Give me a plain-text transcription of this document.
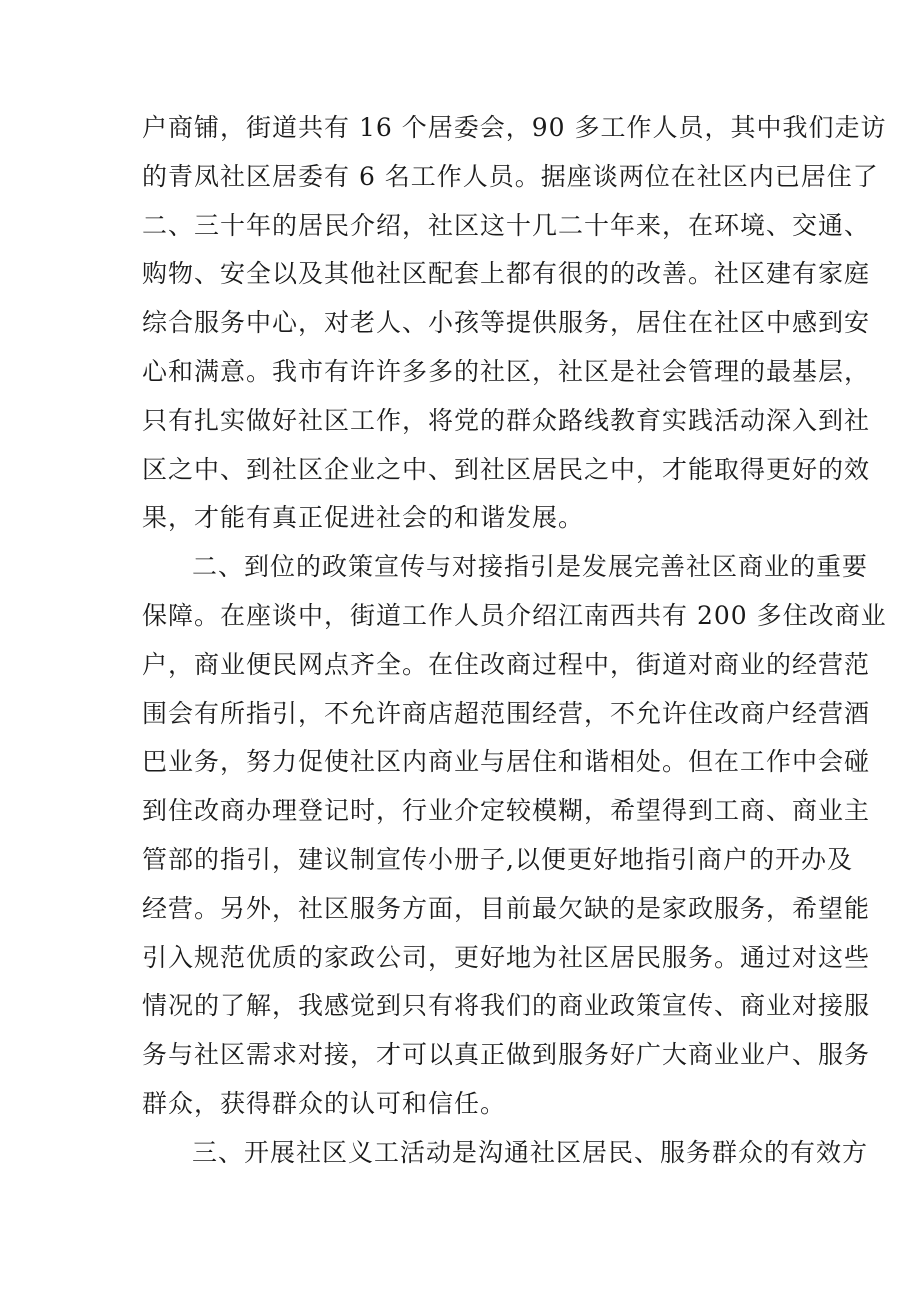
户商铺，街道共有 16 个居委会，90 多工作人员，其中我们走访
的青凤社区居委有 6 名工作人员。据座谈两位在社区内已居住了
二、三十年的居民介绍，社区这十几二十年来，在环境、交通、
购物、安全以及其他社区配套上都有很的的改善。社区建有家庭
综合服务中心，对老人、小孩等提供服务，居住在社区中感到安
心和满意。我市有许许多多的社区，社区是社会管理的最基层，
只有扎实做好社区工作，将党的群众路线教育实践活动深入到社
区之中、到社区企业之中、到社区居民之中，才能取得更好的效
果，才能有真正促进社会的和谐发展。
二、到位的政策宣传与对接指引是发展完善社区商业的重要
保障。在座谈中，街道工作人员介绍江南西共有 200 多住改商业
户，商业便民网点齐全。在住改商过程中，街道对商业的经营范
围会有所指引，不允许商店超范围经营，不允许住改商户经营酒
巴业务，努力促使社区内商业与居住和谐相处。但在工作中会碰
到住改商办理登记时，行业介定较模糊，希望得到工商、商业主
管部的指引，建议制宣传小册子,以便更好地指引商户的开办及
经营。另外，社区服务方面，目前最欠缺的是家政服务，希望能
引入规范优质的家政公司，更好地为社区居民服务。通过对这些
情况的了解，我感觉到只有将我们的商业政策宣传、商业对接服
务与社区需求对接，才可以真正做到服务好广大商业业户、服务
群众，获得群众的认可和信任。
三、开展社区义工活动是沟通社区居民、服务群众的有效方
